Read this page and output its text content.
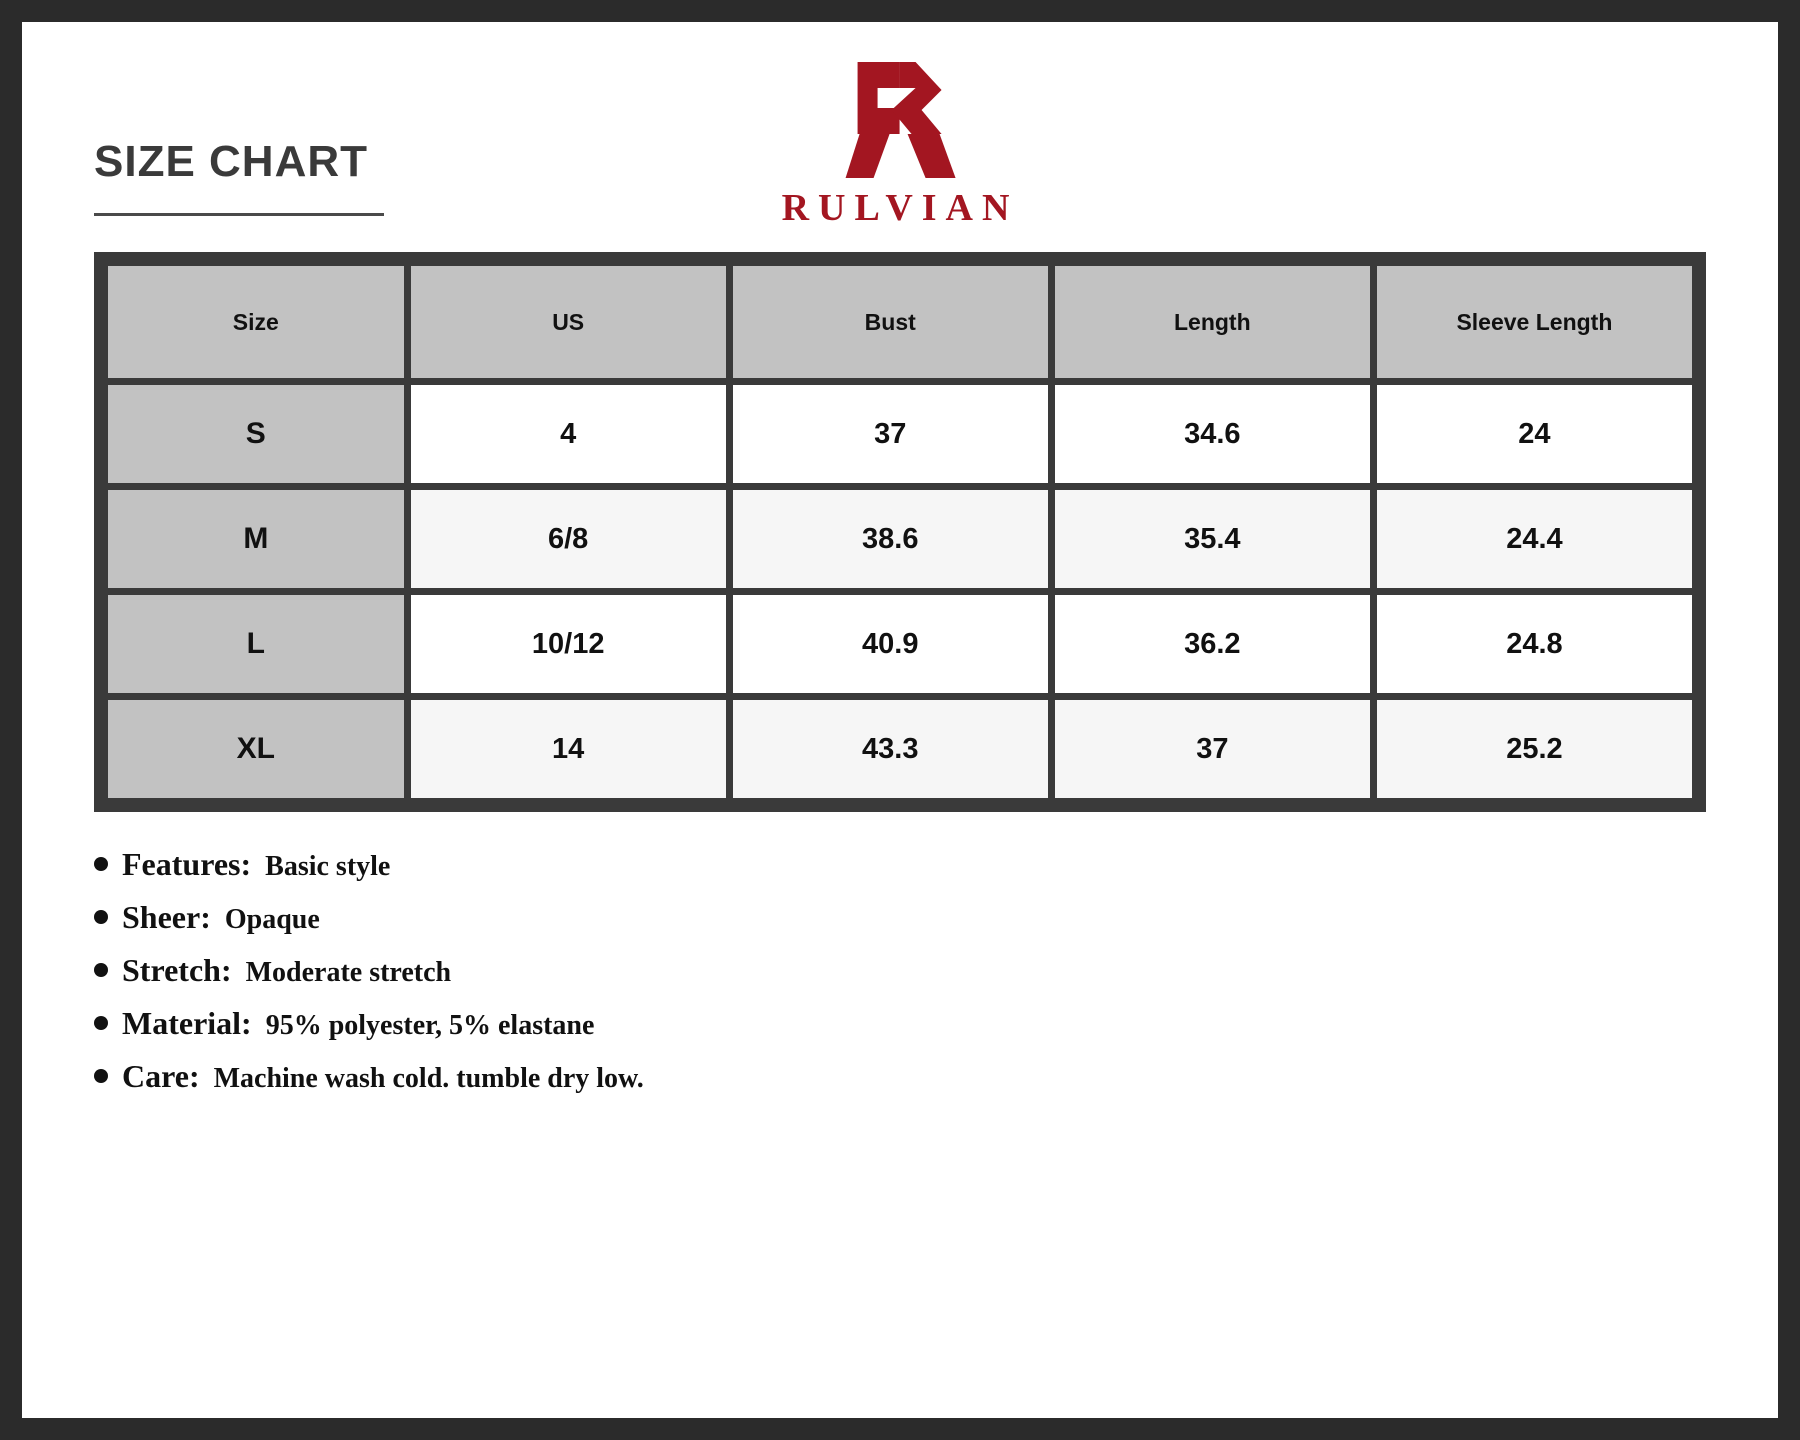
SIZE CHART
RULVIAN
Size	US	Bust	Length	Sleeve Length
S	4	37	34.6	24
M	6/8	38.6	35.4	24.4
L	10/12	40.9	36.2	24.8
XL	14	43.3	37	25.2
Features: Basic style
Sheer: Opaque
Stretch: Moderate stretch
Material: 95% polyester, 5% elastane
Care: Machine wash cold. tumble dry low.
